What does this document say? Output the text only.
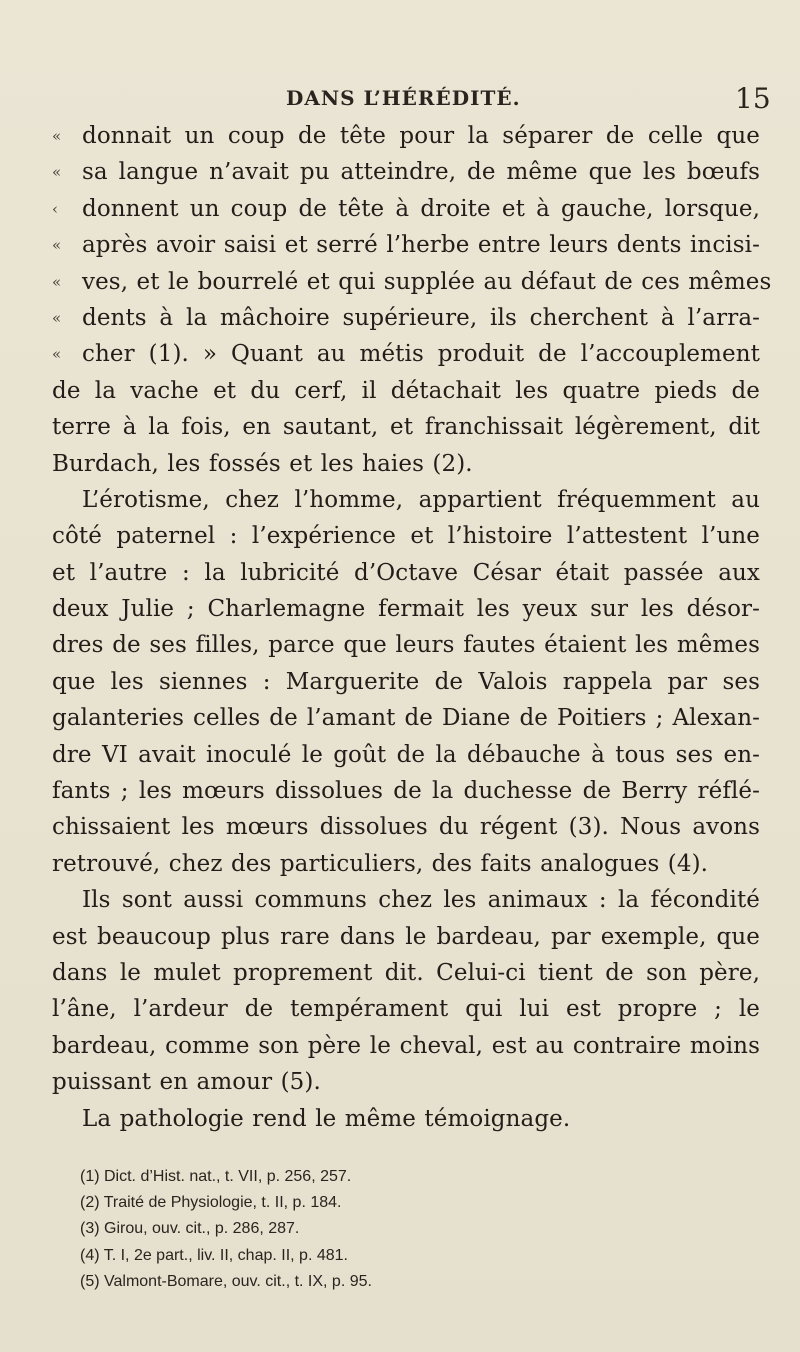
DANS L’HÉRÉDITÉ.	15
« donnait un coup de tête pour la séparer de celle que
« sa langue n’avait pu atteindre, de même que les bœufs
‹	donnent un coup de tête à droite et à gauche, lorsque,
« après avoir saisi et serré l’herbe entre leurs dents incisi-
« ves, et le bourrelé et qui supplée au défaut de ces mêmes
« dents à la mâchoire supérieure, ils cherchent à l’arra-
« cher (1). » Quant au métis produit de l’accouplement
de la vache et du cerf, il détachait les quatre pieds de
terre à la fois, en sautant, et franchissait légèrement, dit
Burdach, les fossés et les haies (2).
L’érotisme, chez l’homme, appartient fréquemment au
côté paternel : l’expérience et l’histoire l’attestent l’une
et l’autre : la lubricité d’Octave César était passée aux
deux Julie ; Charlemagne fermait les yeux sur les désor-
dres de ses filles, parce que leurs fautes étaient les mêmes
que les siennes : Marguerite de Valois rappela par ses
galanteries celles de l’amant de Diane de Poitiers ; Alexan-
dre VI avait inoculé le goût de la débauche à tous ses en-
fants ; les mœurs dissolues de la duchesse de Berry réflé-
chissaient les mœurs dissolues du régent (3). Nous avons
retrouvé, chez des particuliers, des faits analogues (4).
Ils sont aussi communs chez les animaux : la fécondité
est beaucoup plus rare dans le bardeau, par exemple, que
dans le mulet proprement dit. Celui-ci tient de son père,
l’âne, l’ardeur de tempérament qui lui est propre ; le
bardeau, comme son père le cheval, est au contraire moins
puissant en amour (5).
La pathologie rend le même témoignage.
(1) Dict. d’Hist. nat., t. VII, p. 256, 257.
(2) Traité de Physiologie, t. II, p. 184.
(3) Girou, ouv. cit., p. 286, 287.
(4) T. I, 2e part., liv. II, chap. II, p. 481.
(5) Valmont-Bomare, ouv. cit., t. IX, p. 95.
